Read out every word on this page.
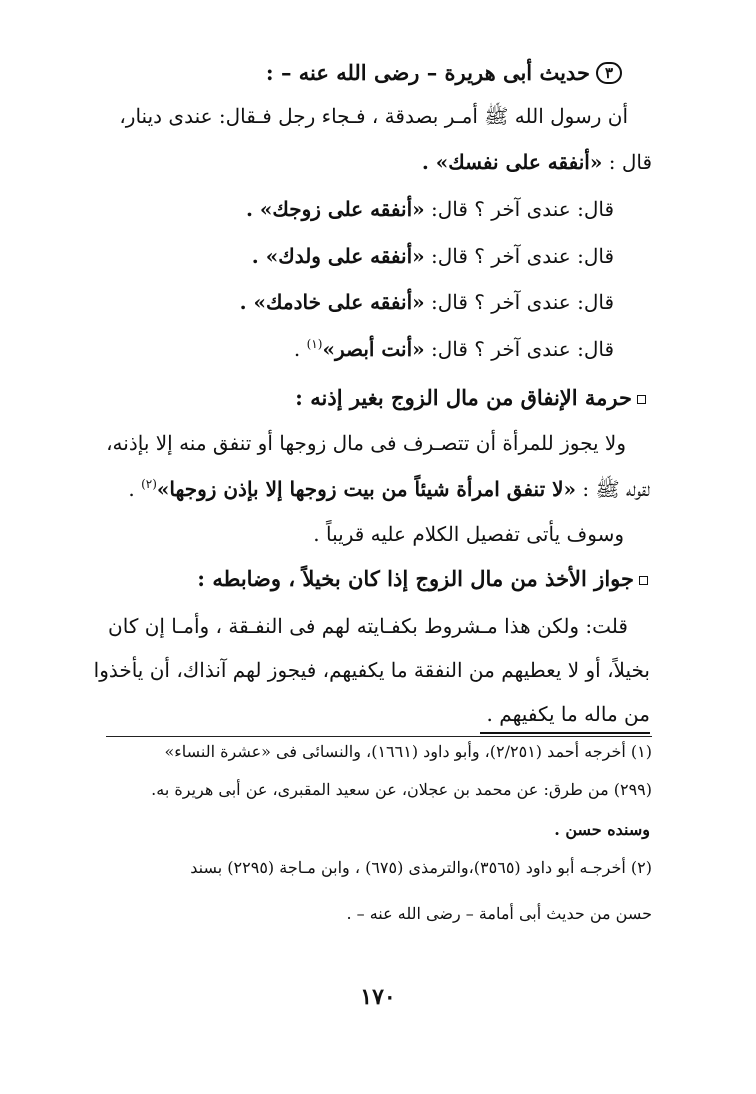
٣حديث أبى هريرة – رضى الله عنه – :
أن رسول الله ﷺ أمـر بصدقة ، فـجاء رجل فـقال: عندى دينار،
قال : «أنفقه على نفسك» .
قال: عندى آخر ؟ قال: «أنفقه على زوجك» .
قال: عندى آخر ؟ قال: «أنفقه على ولدك» .
قال: عندى آخر ؟ قال: «أنفقه على خادمك» .
قال: عندى آخر ؟ قال: «أنت أبصر»$^{(١)}$ .
حرمة الإنفاق من مال الزوج بغير إذنه :
ولا يجوز للمرأة أن تتصـرف فى مال زوجها أو تنفق منه إلا بإذنه،
لقوله ﷺ : «لا تنفق امرأة شيئاً من بيت زوجها إلا بإذن زوجها»$^{(٢)}$ .
وسوف يأتى تفصيل الكلام عليه قريباً .
جواز الأخذ من مال الزوج إذا كان بخيلاً ، وضابطه :
قلت: ولكن هذا مـشروط بكفـايته لهم فى النفـقة ، وأمـا إن كان
بخيلاً، أو لا يعطيهم من النفقة ما يكفيهم، فيجوز لهم آنذاك، أن يأخذوا
من ماله ما يكفيهم .
(١) أخرجه أحمد (٢/٢٥١)، وأبو داود (١٦٦١)، والنسائى فى «عشرة النساء»
(٢٩٩) من طرق: عن محمد بن عجلان، عن سعيد المقبرى، عن أبى هريرة به.
وسنده حسن .
(٢) أخرجـه أبو داود (٣٥٦٥)،والترمذى (٦٧٥) ، وابن مـاجة (٢٢٩٥) بسند
حسن من حديث أبى أمامة – رضى الله عنه – .
١٧٠
